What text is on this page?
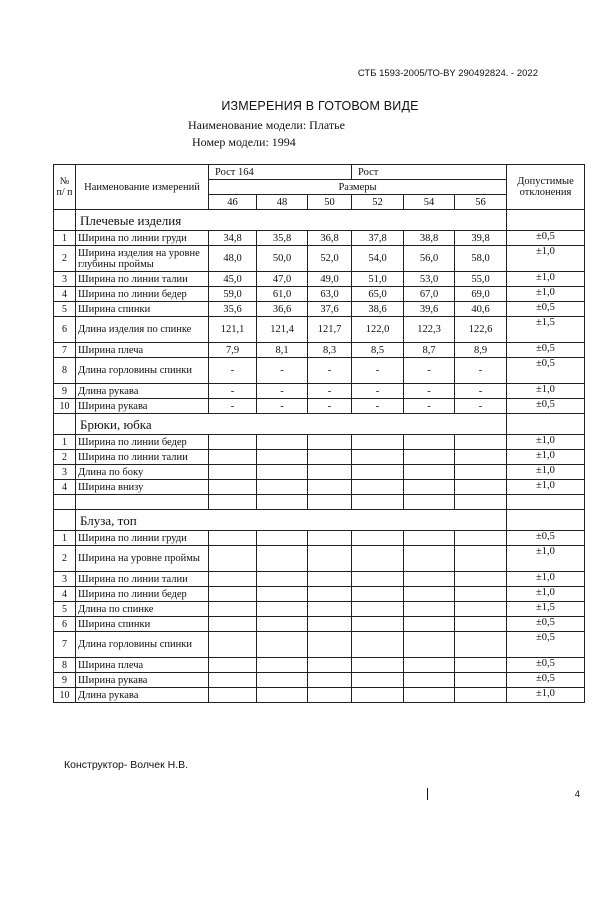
СТБ 1593-2005/ТО-BY 290492824. - 2022
ИЗМЕРЕНИЯ В ГОТОВОМ ВИДЕ
Наименование модели: Платье
Номер модели: 1994
№ п/ п	Наименование измерений	Рост 164			Рост			Допустимые отклонения
		Размеры						
		46	48	50	52	54	56	
	Плечевые изделия							
1	Ширина по линии груди	34,8	35,8	36,8	37,8	38,8	39,8	±0,5
2	Ширина изделия на уровне глубины проймы	48,0	50,0	52,0	54,0	56,0	58,0	±1,0
3	Ширина по линии талии	45,0	47,0	49,0	51,0	53,0	55,0	±1,0
4	Ширина по линии бедер	59,0	61,0	63,0	65,0	67,0	69,0	±1,0
5	Ширина спинки	35,6	36,6	37,6	38,6	39,6	40,6	±0,5
6	Длина изделия по спинке	121,1	121,4	121,7	122,0	122,3	122,6	±1,5
7	Ширина плеча	7,9	8,1	8,3	8,5	8,7	8,9	±0,5
8	Длина горловины спинки	-	-	-	-	-	-	±0,5
9	Длина рукава	-	-	-	-	-	-	±1,0
10	Ширина рукава	-	-	-	-	-	-	±0,5
	Брюки, юбка							
1	Ширина по линии бедер							±1,0
2	Ширина по линии талии							±1,0
3	Длина по боку							±1,0
4	Ширина внизу							±1,0

	Блуза, топ							
1	Ширина по линии груди							±0,5
2	Ширина на уровне проймы							±1,0
3	Ширина по линии талии							±1,0
4	Ширина по линии бедер							±1,0
5	Длина по спинке							±1,5
6	Ширина спинки							±0,5
7	Длина горловины спинки							±0,5
8	Ширина плеча							±0,5
9	Ширина рукава							±0,5
10	Длина рукава							±1,0
Конструктор- Волчек Н.В.
4
